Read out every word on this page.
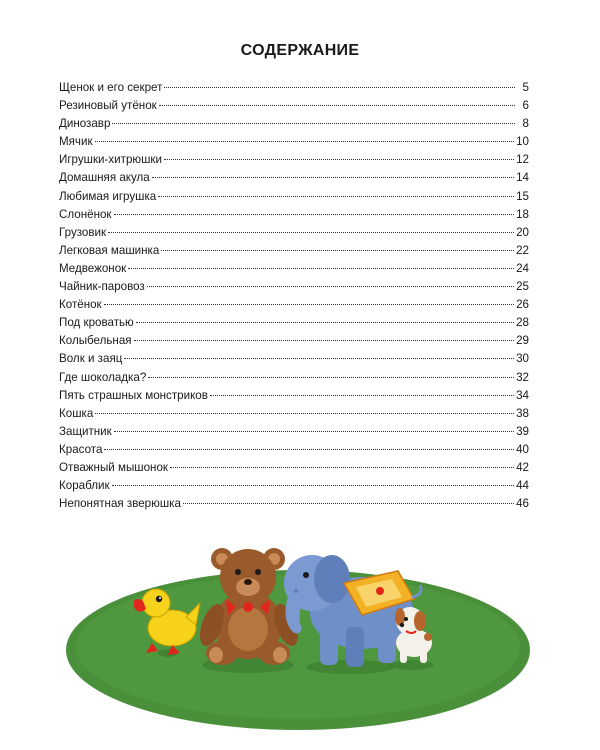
СОДЕРЖАНИЕ
Щенок и его секрет	5
Резиновый утёнок	6
Динозавр	8
Мячик	10
Игрушки-хитрюшки	12
Домашняя акула	14
Любимая игрушка	15
Слонёнок	18
Грузовик	20
Легковая машинка	22
Медвежонок	24
Чайник-паровоз	25
Котёнок	26
Под кроватью	28
Колыбельная	29
Волк и заяц	30
Где шоколадка?	32
Пять страшных монстриков	34
Кошка	38
Защитник	39
Красота	40
Отважный мышонок	42
Кораблик	44
Непонятная зверюшка	46
